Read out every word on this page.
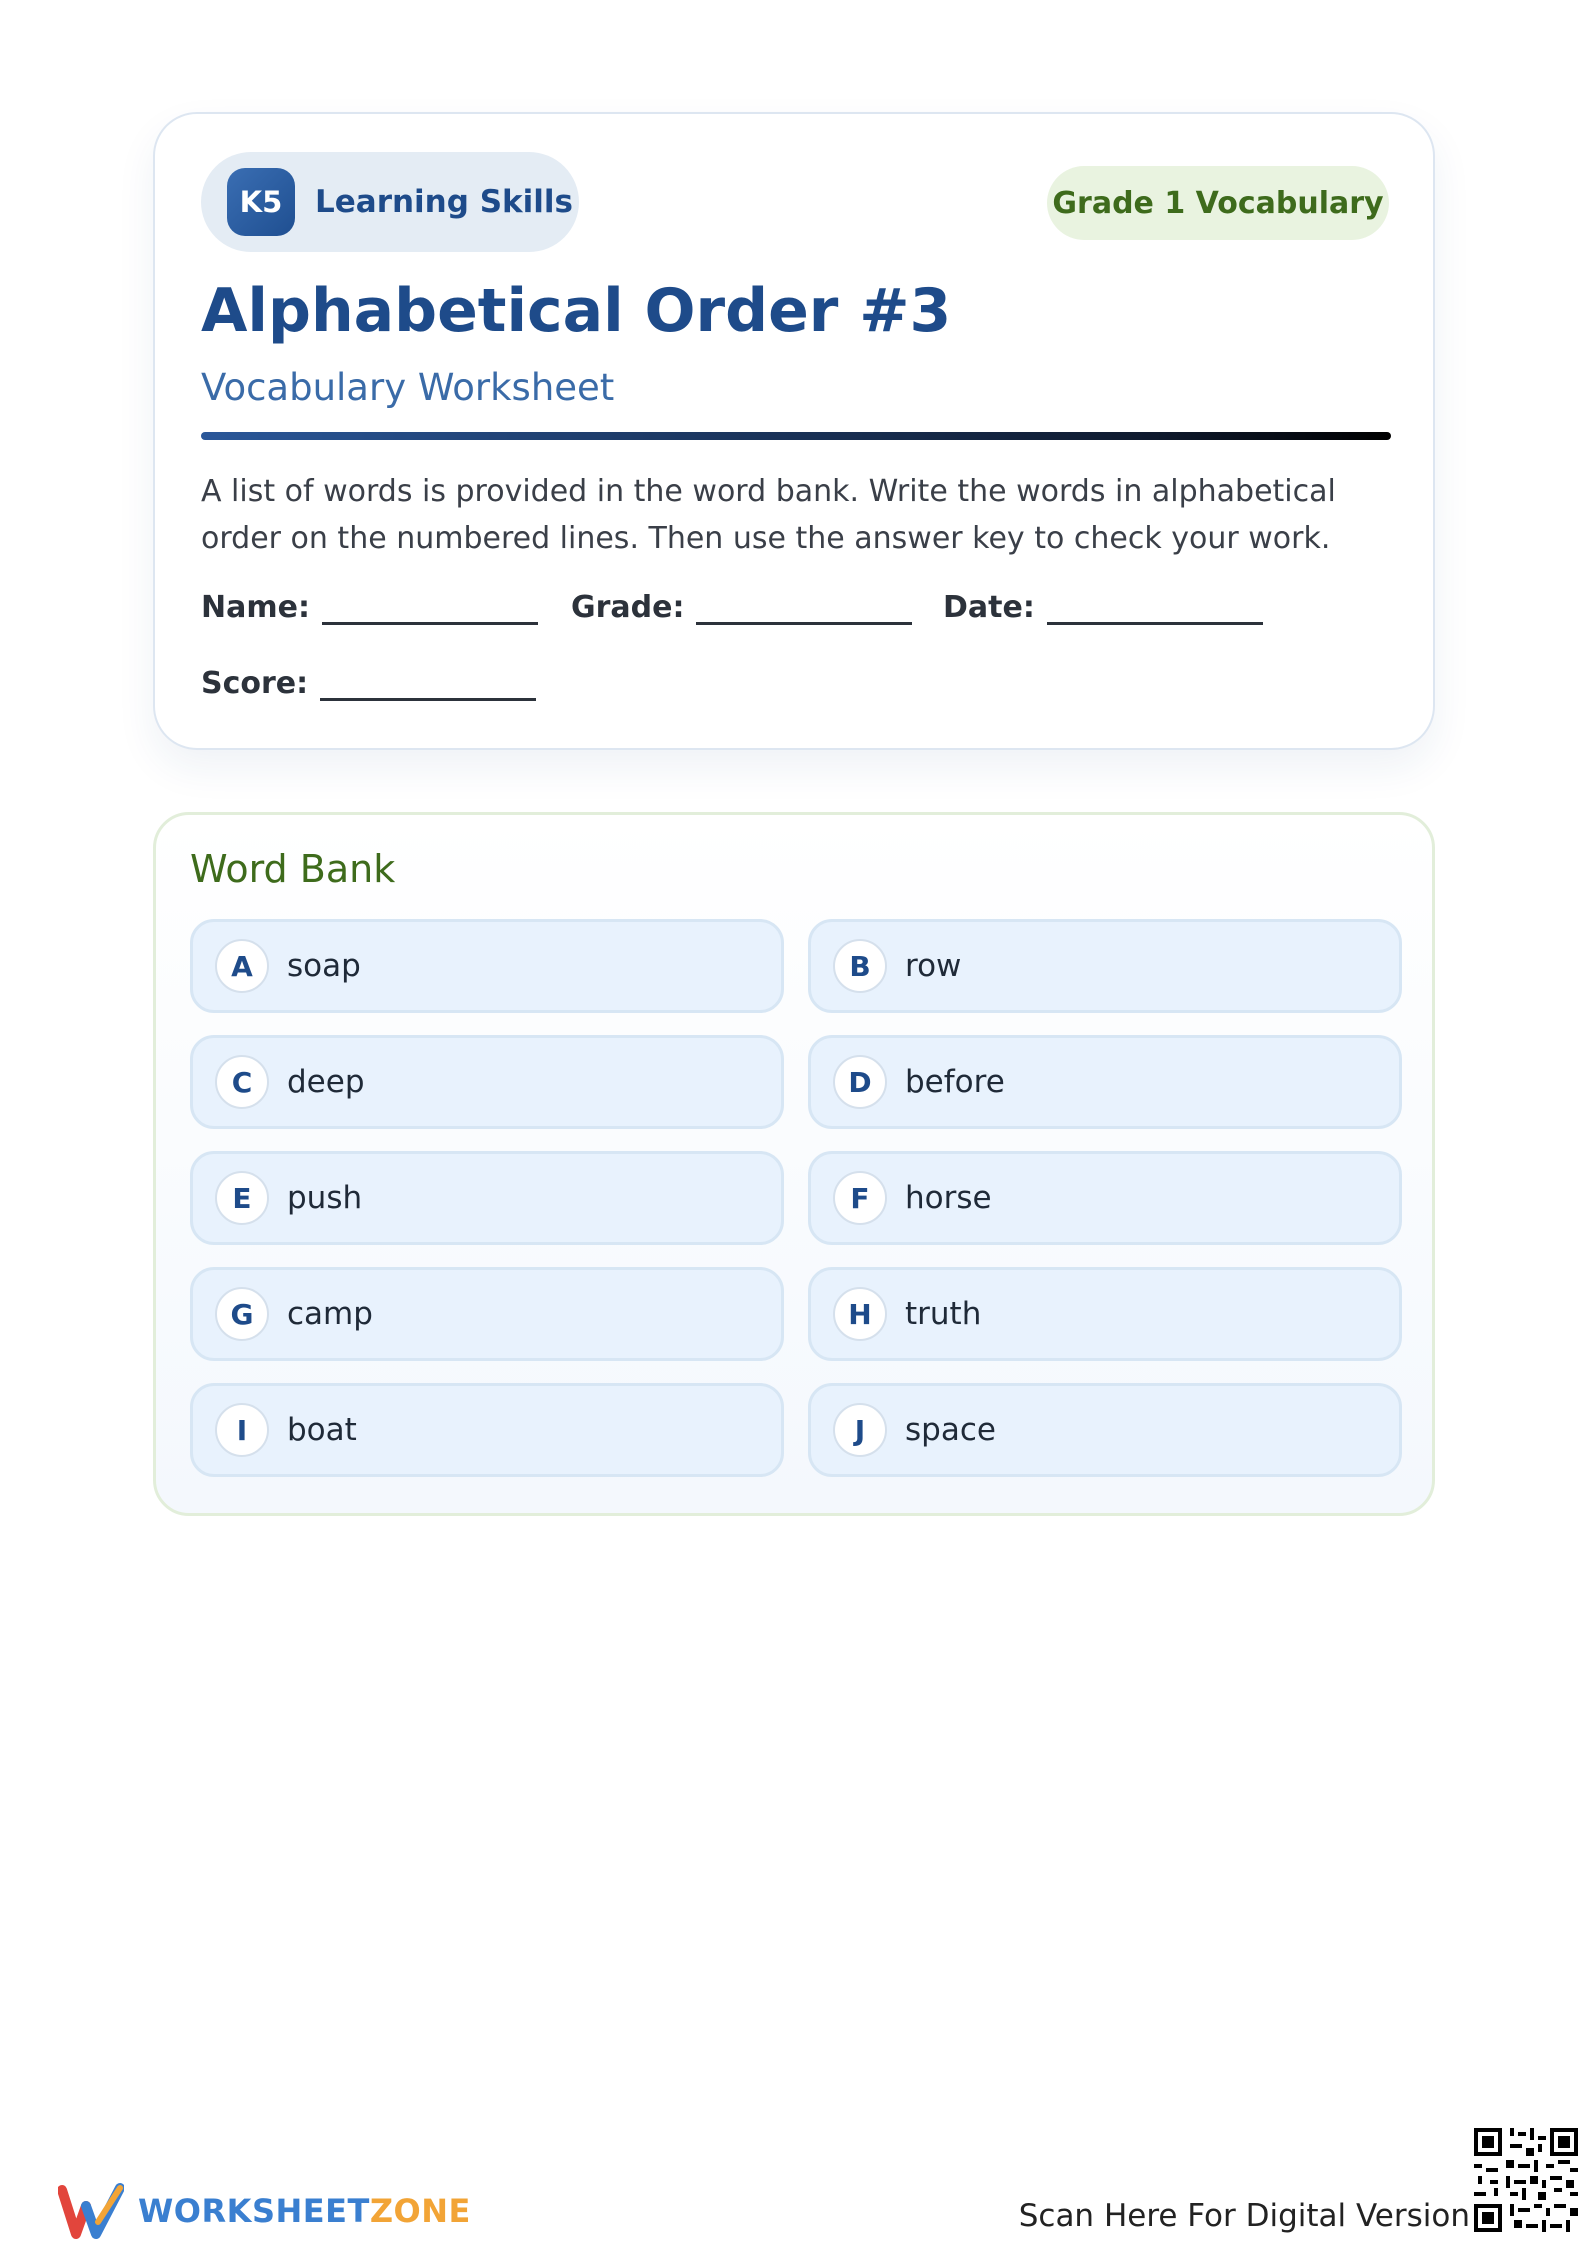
K5	Learning Skills	Grade 1 Vocabulary
Alphabetical Order #3
Vocabulary Worksheet
A list of words is provided in the word bank. Write the words in alphabetical order on the numbered lines. Then use the answer key to check your work.
Name:	Grade:	Date:
Score:
Word Bank
A	soap	B	row
C	deep	D	before
E	push	F	horse
G	camp	H	truth
I	boat	J	space
WORKSHEETZONE	Scan Here For Digital Version
